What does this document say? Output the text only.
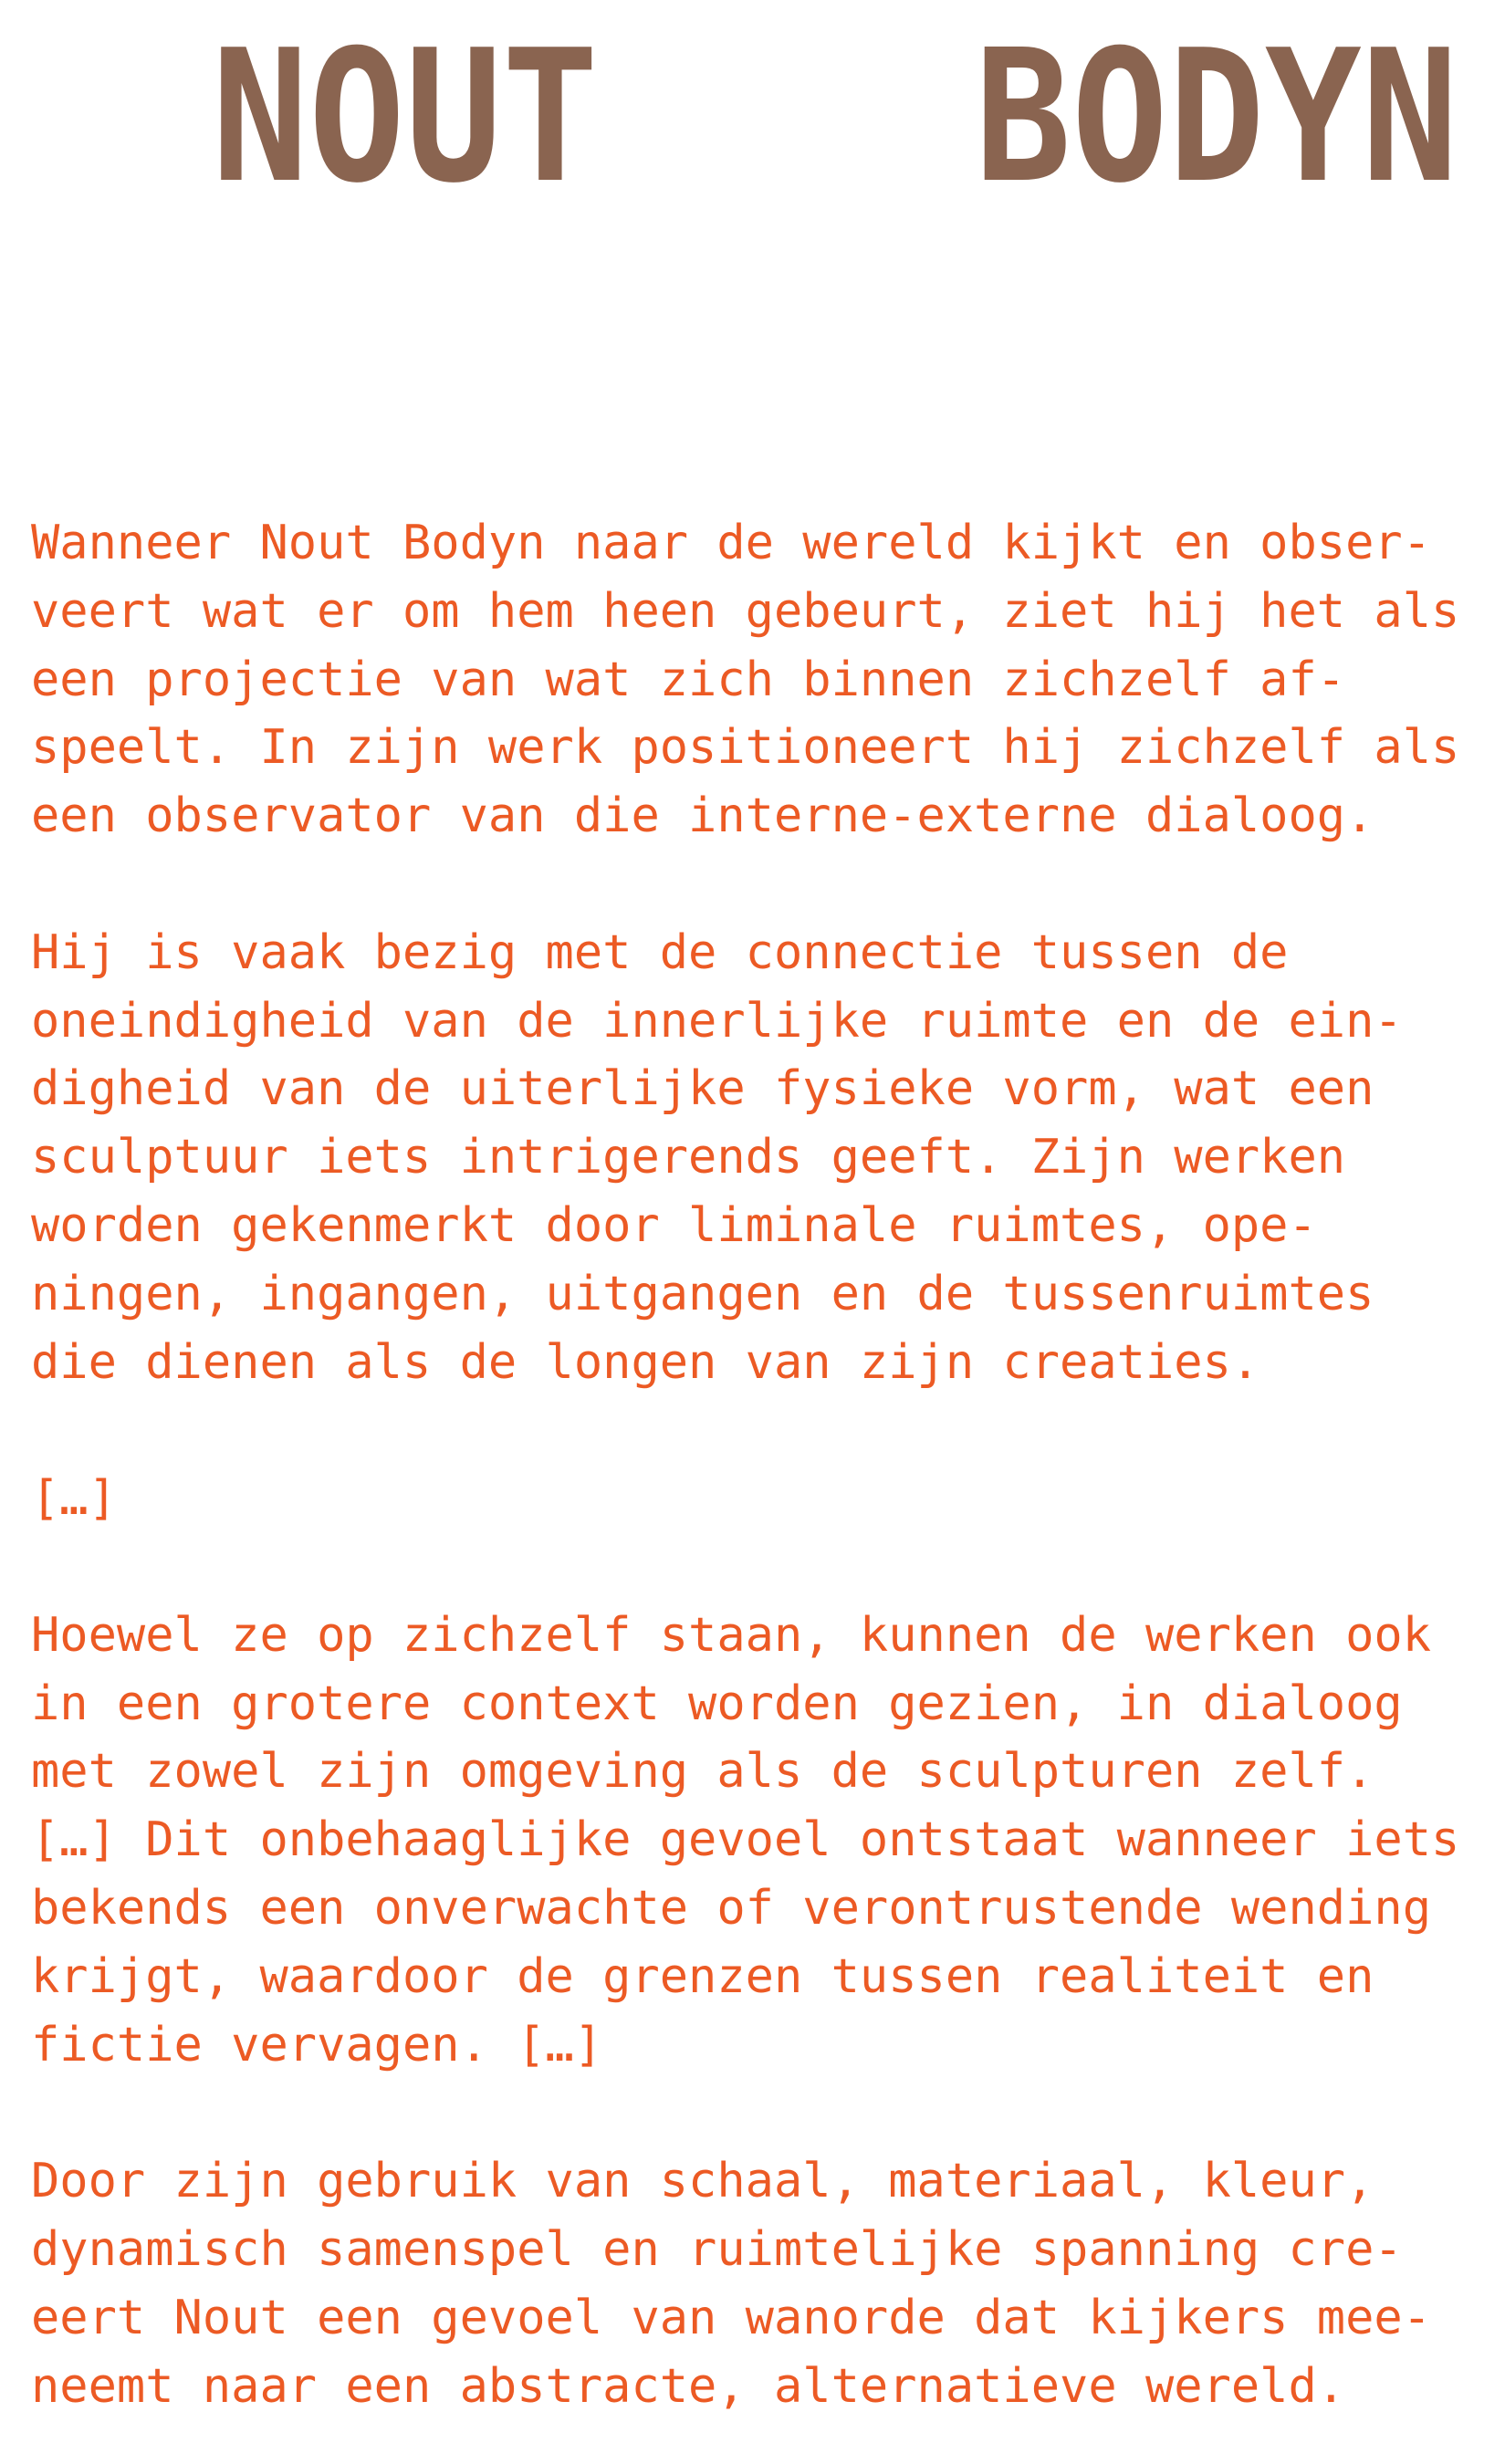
NOUT BODYN
Wanneer Nout Bodyn naar de wereld kijkt en obser-
veert wat er om hem heen gebeurt, ziet hij het als
een projectie van wat zich binnen zichzelf af-
speelt. In zijn werk positioneert hij zichzelf als
een observator van die interne-externe dialoog.
Hij is vaak bezig met de connectie tussen de
oneindigheid van de innerlijke ruimte en de ein-
digheid van de uiterlijke fysieke vorm, wat een
sculptuur iets intrigerends geeft. Zijn werken
worden gekenmerkt door liminale ruimtes, ope-
ningen, ingangen, uitgangen en de tussenruimtes
die dienen als de longen van zijn creaties.
[…]
Hoewel ze op zichzelf staan, kunnen de werken ook
in een grotere context worden gezien, in dialoog
met zowel zijn omgeving als de sculpturen zelf.
[…] Dit onbehaaglijke gevoel ontstaat wanneer iets
bekends een onverwachte of verontrustende wending
krijgt, waardoor de grenzen tussen realiteit en
fictie vervagen. […]
Door zijn gebruik van schaal, materiaal, kleur,
dynamisch samenspel en ruimtelijke spanning cre-
eert Nout een gevoel van wanorde dat kijkers mee-
neemt naar een abstracte, alternatieve wereld.
